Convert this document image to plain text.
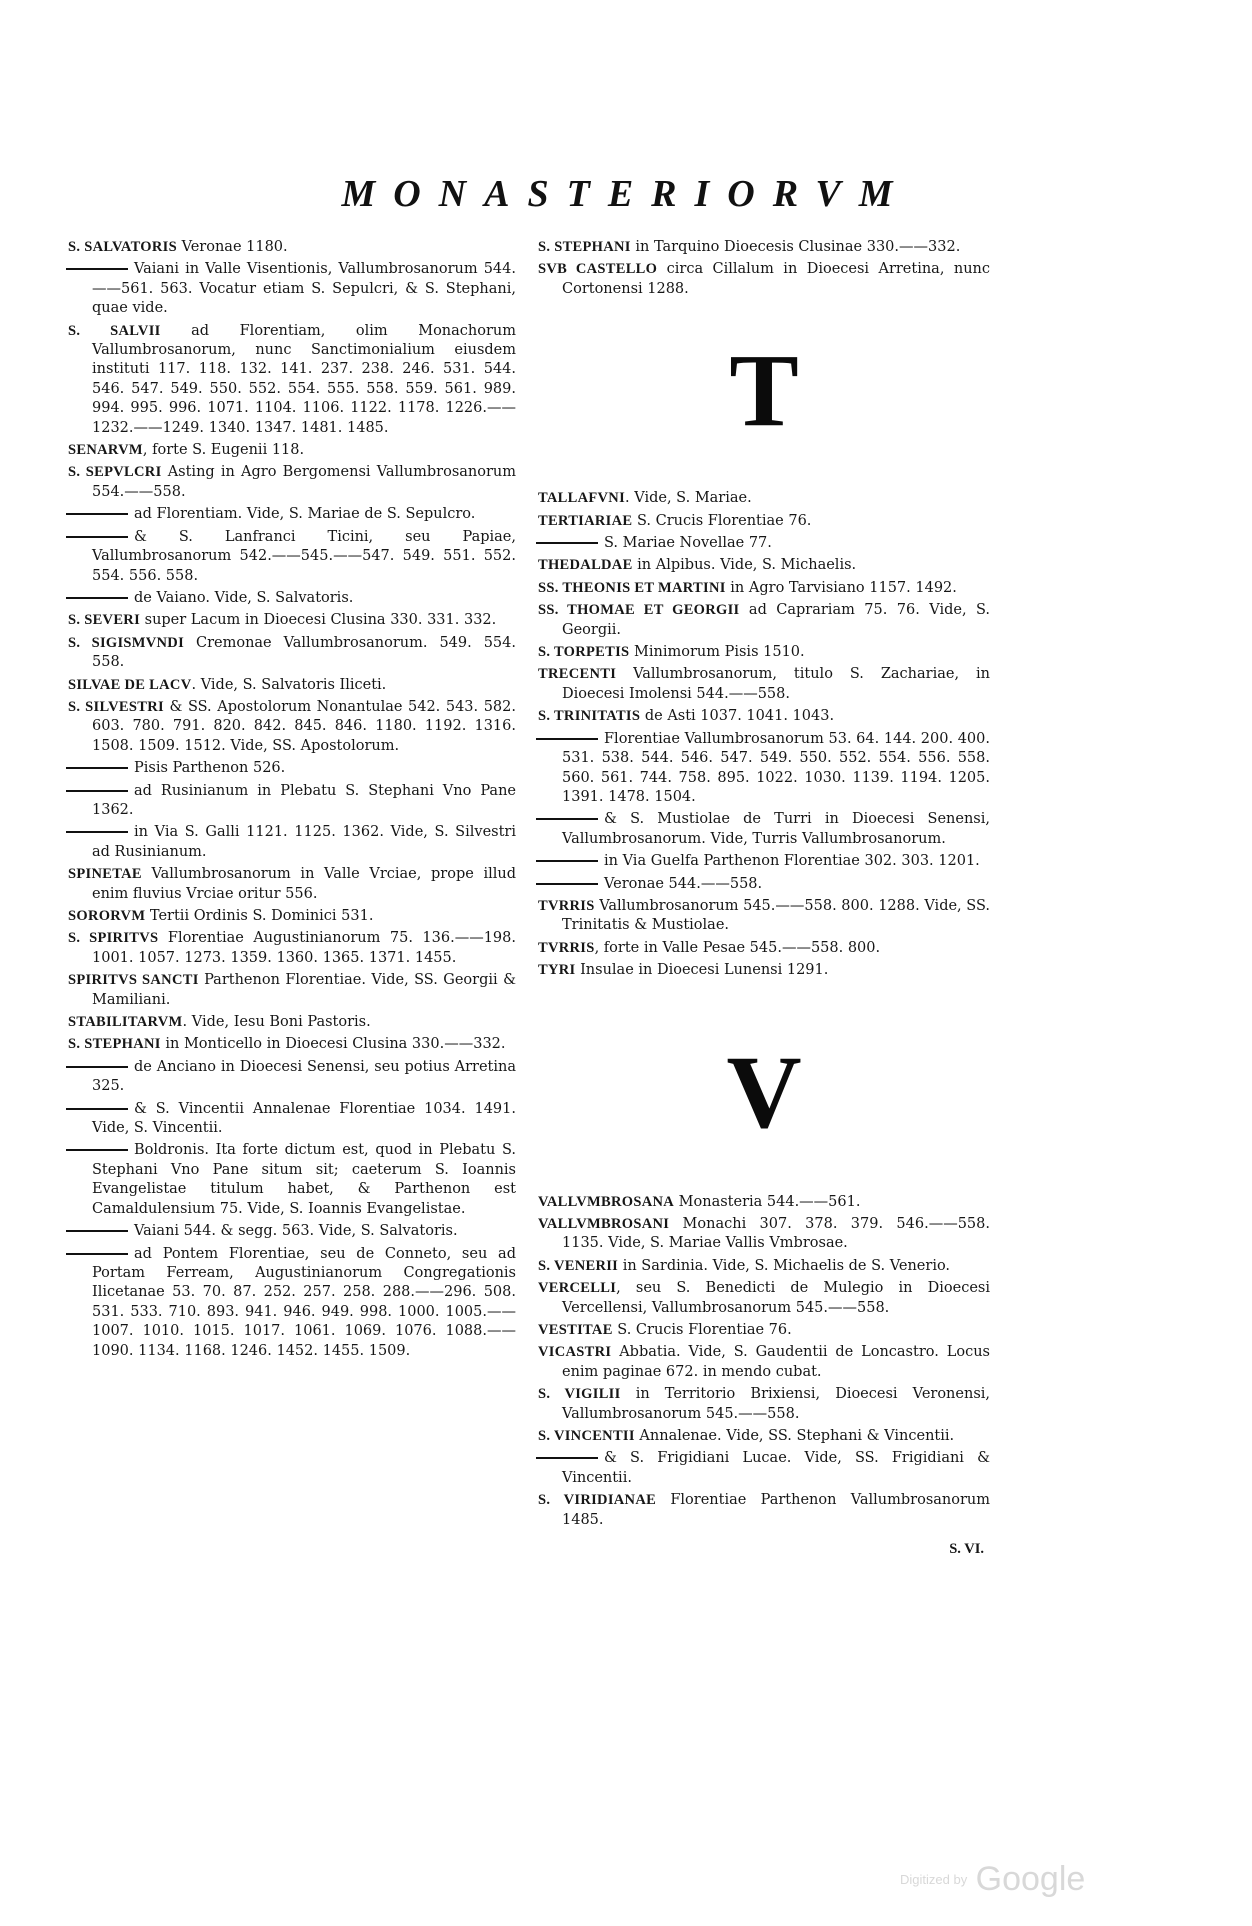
MONASTERIORVM
S. SALVATORIS Veronae 1180.
Vaiani in Valle Visentionis, Vallumbrosanorum 544.——561. 563. Vocatur etiam S. Sepulcri, & S. Stephani, quae vide.
S. SALVII ad Florentiam, olim Monachorum Vallumbrosanorum, nunc Sanctimonialium eiusdem instituti 117. 118. 132. 141. 237. 238. 246. 531. 544. 546. 547. 549. 550. 552. 554. 555. 558. 559. 561. 989. 994. 995. 996. 1071. 1104. 1106. 1122. 1178. 1226.——1232.——1249. 1340. 1347. 1481. 1485.
SENARVM, forte S. Eugenii 118.
S. SEPVLCRI Asting in Agro Bergomensi Vallumbrosanorum 554.——558.
ad Florentiam. Vide, S. Mariae de S. Sepulcro.
& S. Lanfranci Ticini, seu Papiae, Vallumbrosanorum 542.——545.——547. 549. 551. 552. 554. 556. 558.
de Vaiano. Vide, S. Salvatoris.
S. SEVERI super Lacum in Dioecesi Clusina 330. 331. 332.
S. SIGISMVNDI Cremonae Vallumbrosanorum. 549. 554. 558.
SILVAE DE LACV. Vide, S. Salvatoris Iliceti.
S. SILVESTRI & SS. Apostolorum Nonantulae 542. 543. 582. 603. 780. 791. 820. 842. 845. 846. 1180. 1192. 1316. 1508. 1509. 1512. Vide, SS. Apostolorum.
Pisis Parthenon 526.
ad Rusinianum in Plebatu S. Stephani Vno Pane 1362.
in Via S. Galli 1121. 1125. 1362. Vide, S. Silvestri ad Rusinianum.
SPINETAE Vallumbrosanorum in Valle Vrciae, prope illud enim fluvius Vrciae oritur 556.
SORORVM Tertii Ordinis S. Dominici 531.
S. SPIRITVS Florentiae Augustinianorum 75. 136.——198. 1001. 1057. 1273. 1359. 1360. 1365. 1371. 1455.
SPIRITVS SANCTI Parthenon Florentiae. Vide, SS. Georgii & Mamiliani.
STABILITARVM. Vide, Iesu Boni Pastoris.
S. STEPHANI in Monticello in Dioecesi Clusina 330.——332.
de Anciano in Dioecesi Senensi, seu potius Arretina 325.
& S. Vincentii Annalenae Florentiae 1034. 1491. Vide, S. Vincentii.
Boldronis. Ita forte dictum est, quod in Plebatu S. Stephani Vno Pane situm sit; caeterum S. Ioannis Evangelistae titulum habet, & Parthenon est Camaldulensium 75. Vide, S. Ioannis Evangelistae.
Vaiani 544. & segg. 563. Vide, S. Salvatoris.
ad Pontem Florentiae, seu de Conneto, seu ad Portam Ferream, Augustinianorum Congregationis Ilicetanae 53. 70. 87. 252. 257. 258. 288.——296. 508. 531. 533. 710. 893. 941. 946. 949. 998. 1000. 1005.——1007. 1010. 1015. 1017. 1061. 1069. 1076. 1088.——1090. 1134. 1168. 1246. 1452. 1455. 1509.
S. STEPHANI in Tarquino Dioecesis Clusinae 330.——332.
SVB CASTELLO circa Cillalum in Dioecesi Arretina, nunc Cortonensi 1288.
T
TALLAFVNI. Vide, S. Mariae.
TERTIARIAE S. Crucis Florentiae 76.
S. Mariae Novellae 77.
THEDALDAE in Alpibus. Vide, S. Michaelis.
SS. THEONIS ET MARTINI in Agro Tarvisiano 1157. 1492.
SS. THOMAE ET GEORGII ad Caprariam 75. 76. Vide, S. Georgii.
S. TORPETIS Minimorum Pisis 1510.
TRECENTI Vallumbrosanorum, titulo S. Zachariae, in Dioecesi Imolensi 544.——558.
S. TRINITATIS de Asti 1037. 1041. 1043.
Florentiae Vallumbrosanorum 53. 64. 144. 200. 400. 531. 538. 544. 546. 547. 549. 550. 552. 554. 556. 558. 560. 561. 744. 758. 895. 1022. 1030. 1139. 1194. 1205. 1391. 1478. 1504.
& S. Mustiolae de Turri in Dioecesi Senensi, Vallumbrosanorum. Vide, Turris Vallumbrosanorum.
in Via Guelfa Parthenon Florentiae 302. 303. 1201.
Veronae 544.——558.
TVRRIS Vallumbrosanorum 545.——558. 800. 1288. Vide, SS. Trinitatis & Mustiolae.
TVRRIS, forte in Valle Pesae 545.——558. 800.
TYRI Insulae in Dioecesi Lunensi 1291.
V
VALLVMBROSANA Monasteria 544.——561.
VALLVMBROSANI Monachi 307. 378. 379. 546.——558. 1135. Vide, S. Mariae Vallis Vmbrosae.
S. VENERII in Sardinia. Vide, S. Michaelis de S. Venerio.
VERCELLI, seu S. Benedicti de Mulegio in Dioecesi Vercellensi, Vallumbrosanorum 545.——558.
VESTITAE S. Crucis Florentiae 76.
VICASTRI Abbatia. Vide, S. Gaudentii de Loncastro. Locus enim paginae 672. in mendo cubat.
S. VIGILII in Territorio Brixiensi, Dioecesi Veronensi, Vallumbrosanorum 545.——558.
S. VINCENTII Annalenae. Vide, SS. Stephani & Vincentii.
& S. Frigidiani Lucae. Vide, SS. Frigidiani & Vincentii.
S. VIRIDIANAE Florentiae Parthenon Vallumbrosanorum 1485.
S. VI.
Digitized by Google
